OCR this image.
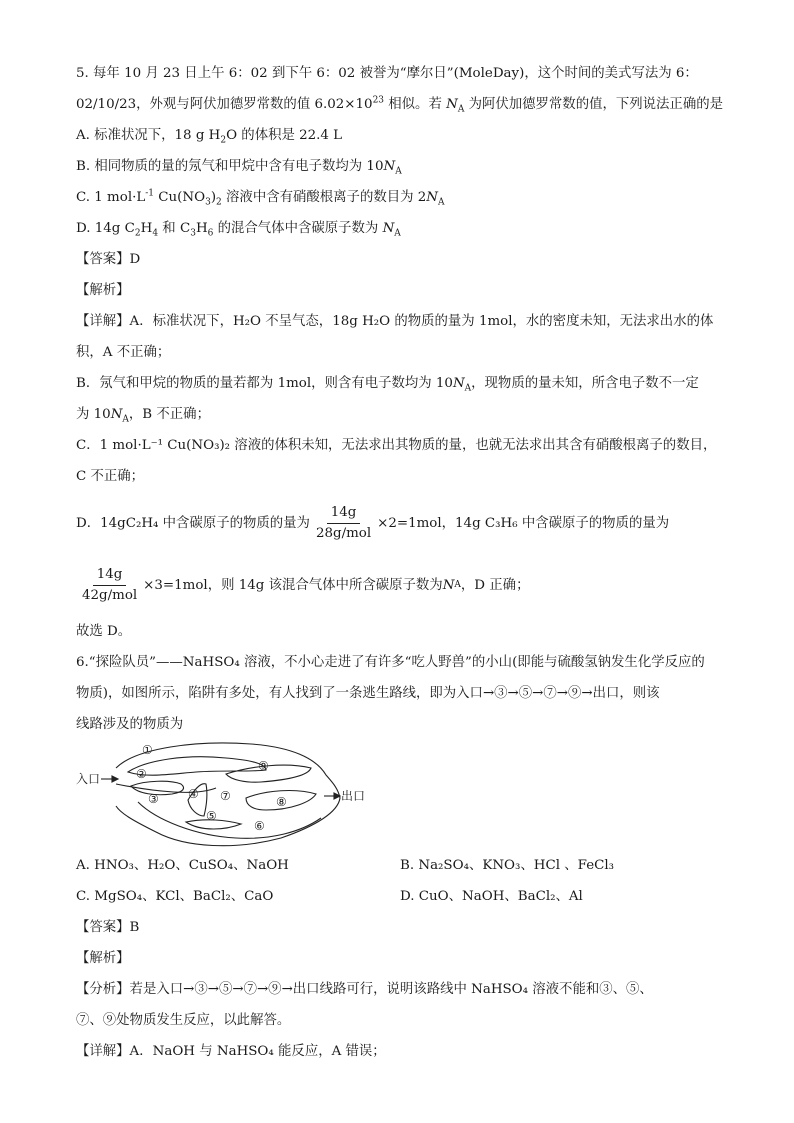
5. 每年 10 月 23 日上午 6：02 到下午 6：02 被誉为“摩尔日”(MoleDay)，这个时间的美式写法为 6：
02/10/23，外观与阿伏加德罗常数的值 $6.02\times 10^{23}$ 相似。若 $N_A$ 为阿伏加德罗常数的值，下列说法正确的是
A. 标准状况下，18 g $H_2O$ 的体积是 22.4 L
B. 相同物质的量的氖气和甲烷中含有电子数均为 $10N_A$
C. 1 $mol\cdot L^{-1}$ $Cu(NO_3)_2$ 溶液中含有硝酸根离子的数目为 $2N_A$
D. 14g $C_2H_4$ 和 $C_3H_6$ 的混合气体中含碳原子数为 $N_A$
【答案】D
【解析】
【详解】A．标准状况下，H₂O 不呈气态，18g H₂O 的物质的量为 1mol，水的密度未知，无法求出水的体
积，A 不正确；
B．氖气和甲烷的物质的量若都为 1mol，则含有电子数均为 $10N_A$，现物质的量未知，所含电子数不一定
为 $10N_A$，B 不正确；
C．1 mol·L⁻¹ Cu(NO₃)₂ 溶液的体积未知，无法求出其物质的量，也就无法求出其含有硝酸根离子的数目，
C 不正确；
D．14gC₂H₄ 中含碳原子的物质的量为 $\frac{14g}{\text{28g/mol}} \times 2=1mol$，14g C₃H₆ 中含碳原子的物质的量为
$\frac{14g}{\text{42g/mol}} \times 3=1mol$，则 14g 该混合气体中所含碳原子数为 N A ，D 正确；
故选 D。
6.“探险队员”——NaHSO₄ 溶液，不小心走进了有许多“吃人野兽”的小山(即能与硫酸氢钠发生化学反应的
物质)，如图所示，陷阱有多处，有人找到了一条逃生路线，即为入口→③→⑤→⑦→⑨→出口，则该
线路涉及的物质为
入口
出口
①
②
③ ④
⑤
⑥
⑦	⑧
⑨
A. HNO₃、H₂O、CuSO₄、NaOH	B. Na₂SO₄、KNO₃、HCl 、FeCl₃
C. MgSO₄、KCl、BaCl₂、CaO	D. CuO、NaOH、BaCl₂、Al
【答案】B
【解析】
【分析】若是入口→③→⑤→⑦→⑨→出口线路可行，说明该路线中 NaHSO₄ 溶液不能和③、⑤、
⑦、⑨处物质发生反应，以此解答。
【详解】A．NaOH 与 NaHSO₄ 能反应，A 错误；
